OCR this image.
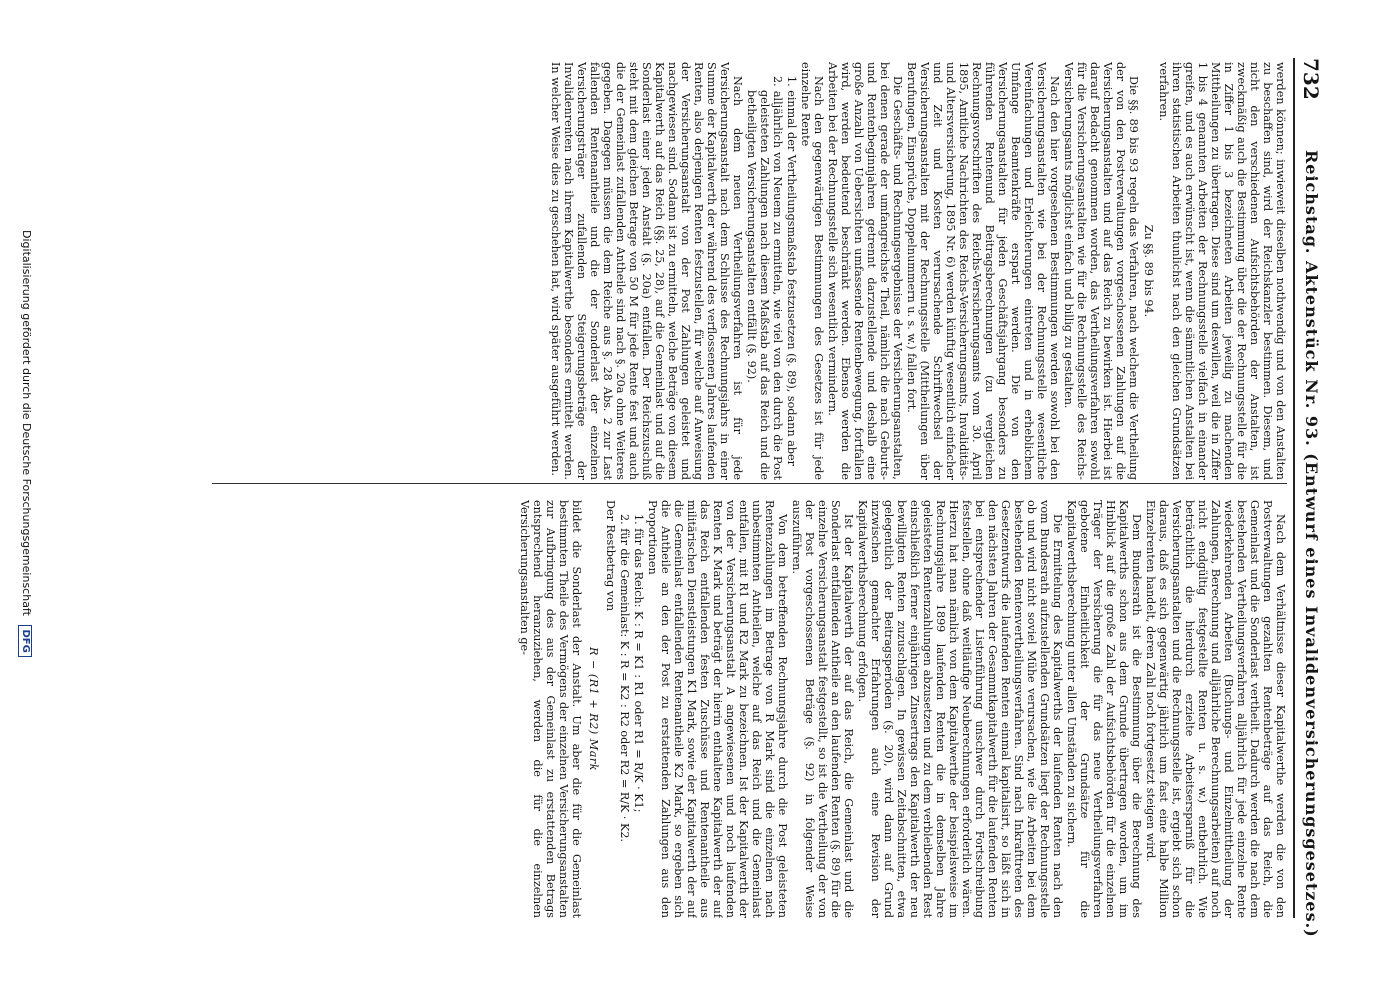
732
Reichstag. Aktenstück Nr. 93. (Entwurf eines Invalidenversicherungsgesetzes.)

werden können; inwieweit dieselben nothwendig und von den Anstalten zu beschaffen sind, wird der Reichskanzler bestimmen. Diesem, und nicht den verschiedenen Aufsichtsbehörden der Anstalten, ist zweckmäßig auch die Bestimmung über die der Rechnungsstelle für die in Ziffer 1 bis 3 bezeichneten Arbeiten jeweilig zu machenden Mittheilungen zu übertragen. Diese sind um deswillen, weil die in Ziffer 1 bis 4 genannten Arbeiten der Rechnungsstelle vielfach in einander greifen, und es auch erwünscht ist, wenn die sämmtlichen Anstalten bei ihren statistischen Arbeiten thunlichst nach den gleichen Grundsätzen verfahren.

Zu §§. 89 bis 94.

Die §§. 89 bis 93 regeln das Verfahren, nach welchem die Vertheilung der von den Postverwaltungen vorgeschossenen Zahlungen auf die Versicherungsanstalten und auf das Reich zu bewirken ist. Hierbei ist darauf Bedacht genommen worden, das Vertheilungsverfahren sowohl für die Versicherungsanstalten wie für die Rechnungsstelle des Reichs-Versicherungsamts möglichst einfach und billig zu gestalten.

Nach den hier vorgesehenen Bestimmungen werden sowohl bei den Versicherungsanstalten wie bei der Rechnungsstelle wesentliche Vereinfachungen und Erleichterungen eintreten und in erheblichem Umfange Beamtenkräfte erspart werden. Die von den Versicherungsanstalten für jeden Geschäftsjahrgang besonders zu führenden Rentenund Beitragsberechnungen (zu vergleichen Rechnungsvorschriften des Reichs-Versicherungsamts vom 30. April 1895, Amtliche Nachrichten des Reichs-Versicherungsamts, Invaliditäts- und Altersversicherung, 1895 Nr. 6) werden künftig wesentlich einfacher und Zeit und Kosten verursachende Schriftwechsel der Versicherungsanstalten mit der Rechnungsstelle (Mittheilungen über Berufungen, Einsprüche, Doppelnummern u. s. w.) fallen fort.

Die Geschäfts- und Rechnungsergebnisse der Versicherungsanstalten, bei denen gerade der umfangreichste Theil, nämlich die nach Geburts- und Rentenbeginnjahren getrennt darzustellende und deshalb eine große Anzahl von Uebersichten umfassende Rentenbewegung, fortfallen wird, werden bedeutend beschränkt werden. Ebenso werden die Arbeiten bei der Rechnungsstelle sich wesentlich vermindern.

Nach den gegenwärtigen Bestimmungen des Gesetzes ist für jede einzelne Rente

1. einmal der Vertheilungsmaßstab festzusetzen (§. 89), sodann aber

2. alljährlich von Neuem zu ermitteln, wie viel von den durch die Post geleisteten Zahlungen nach diesem Maßstab auf das Reich und die betheiligten Versicherungsanstalten entfällt (§. 92).

Nach dem neuen Vertheilungsverfahren ist für jede Versicherungsanstalt nach dem Schlusse des Rechnungsjahrs in einer Summe der Kapitalwerth der während des verflossenen Jahres laufenden Renten, also derjenigen Renten festzustellen, für welche auf Anweisung der Versicherungsanstalt von der Post Zahlungen geleistet und nachgewiesen sind. Sodann ist zu ermitteln, welche Beträge von diesem Kapitalwerth auf das Reich (§§. 25, 28), auf die Gemeinlast und auf die Sonderlast einer jeden Anstalt (§. 20a) entfallen. Der Reichszuschuß steht mit dem gleichen Betrage von 50 M für jede Rente fest und auch die der Gemeinlast zufallenden Antheile sind nach §. 20a ohne Weiteres gegeben. Dagegen müssen die dem Reiche aus §. 28 Abs. 2 zur Last fallenden Rentenantheile und die der Sonderlast der einzelnen Versicherungsträger zufallenden Steigerungsbeträge der Invalidenrenten nach ihrem Kapitalwerthe besonders ermittelt werden. In welcher Weise dies zu geschehen hat, wird später ausgeführt werden.

Nach dem Verhältnisse dieser Kapitalwerthe werden die von den Postverwaltungen gezahlten Rentenbeträge auf das Reich, die Gemeinlast und die Sonderlast vertheilt. Dadurch werden die nach dem bestehenden Vertheilungsverfahren alljährlich für jede einzelne Rente wiederkehrenden Arbeiten (Buchungs- und Einzelmittheilung der Zahlungen, Berechnung und alljährliche Berechnungsarbeiten) auf noch nicht endgültig festgestellte Renten u. s. w.) entbehrlich. Wie beträchtlich die hierdurch erzielte Arbeitsersparniß für die Versicherungsanstalten und die Rechnungsstelle ist, ergiebt sich schon daraus, daß es sich gegenwärtig jährlich um fast eine halbe Million Einzelrenten handelt, deren Zahl noch fortgesetzt steigen wird.

Dem Bundesrath ist die Bestimmung über die Berechnung des Kapitalwerths schon aus dem Grunde übertragen worden, um im Hinblick auf die große Zahl der Aufsichtsbehörden für die einzelnen Träger der Versicherung die für das neue Vertheilungsverfahren gebotene Einheitlichkeit der Grundsätze für die Kapitalwerthsberechnung unter allen Umständen zu sichern.

Die Ermittelung des Kapitalwerths der laufenden Renten nach den vom Bundesrath aufzustellenden Grundsätzen liegt der Rechnungsstelle ob und wird nicht soviel Mühe verursachen, wie die Arbeiten bei dem bestehenden Rentenvertheilungsverfahren. Sind nach Inkrafttreten des Gesetzentwurfs die laufenden Renten einmal kapitalisirt, so läßt sich in den nächsten Jahren der Gesammtkapitalwerth für die laufenden Renten bei entsprechender Listenführung unschwer durch Fortschreibung feststellen, ohne daß weitläufige Neuberechnungen erforderlich wären. Hierzu hat man nämlich von dem Kapitalwerthe der beispielsweise im Rechnungsjahre 1899 laufenden Renten die in demselben Jahre geleisteten Rentenzahlungen abzusetzen und zu dem verbleibenden Rest einschließlich ferner einjährigen Zinsertrags den Kapitalwerth der neu bewilligten Renten zuzuschlagen. In gewissen Zeitabschnitten, etwa gelegentlich der Beitragsperioden (§. 20), wird dann auf Grund inzwischen gemachter Erfahrungen auch eine Revision der Kapitalwerthsberechnung erfolgen.

Ist der Kapitalwerth der auf das Reich, die Gemeinlast und die Sonderlast entfallenden Antheile an den laufenden Renten (§. 89) für die einzelne Versicherungsanstalt festgestellt, so ist die Vertheilung der von der Post vorgeschossenen Beträge (§. 92) in folgender Weise auszuführen.

Von dem betreffenden Rechnungsjahre durch die Post geleisteten Rentenzahlungen im Betrage von R Mark sind die einzelnen nach unbestimmten Antheilen, welche auf das Reich und die Gemeinlast entfallen, mit R1 und R2 Mark zu bezeichnen. Ist der Kapitalwerth der von der Versicherungsanstalt A angewiesenen und noch laufenden Renten K Mark und beträgt der hierin enthaltene Kapitalwerth der auf das Reich entfallenden festen Zuschüsse und Rentenantheile aus militärischen Dienstleistungen K1 Mark, sowie der Kapitalwerth der auf die Gemeinlast entfallenden Rentenantheile K2 Mark, so ergeben sich die Antheile an den der Post zu erstattenden Zahlungen aus den Proportionen

1. für das Reich: K : R = K1 : R1 oder R1 = R/K · K1;

2. für die Gemeinlast: K : R = K2 : R2 oder R2 = R/K · K2.

Der Restbetrag von

R − (R1 + R2) Mark

bildet die Sonderlast der Anstalt. Um aber die für die Gemeinlast bestimmten Theile des Vermögens der einzelnen Versicherungsanstalten zur Aufbringung des aus der Gemeinlast zu erstattenden Betrags entsprechend heranzuziehen, werden die für die einzelnen Versicherungsanstalten ge-

Digitalisierung gefördert durch die Deutsche Forschungsgemeinschaft DFG
